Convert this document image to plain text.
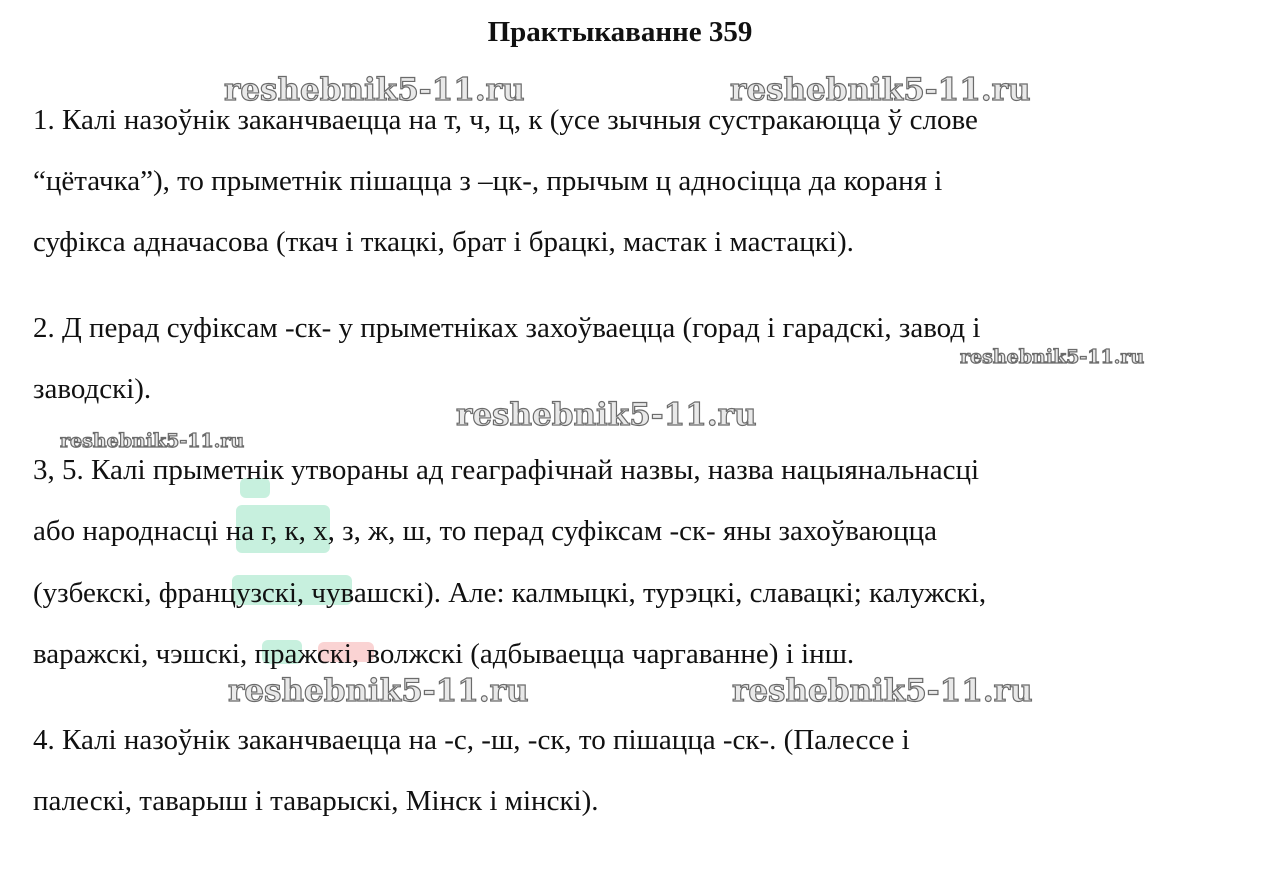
Практыкаванне 359
1. Калі назоўнік заканчваецца на т, ч, ц, к (усе зычныя сустракаюцца ў слове
“цётачка”), то прыметнік пішацца з –цк-, прычым ц адносіцца да кораня і
суфікса адначасова (ткач і ткацкі, брат і брацкі, мастак і мастацкі).
2. Д перад суфіксам -ск- у прыметніках захоўваецца (горад і гарадскі, завод і
заводскі).
3, 5. Калі прыметнік утвораны ад геаграфічнай назвы, назва нацыянальнасці
або народнасці на г, к, х, з, ж, ш, то перад суфіксам -ск- яны захоўваюцца
(узбекскі, французскі, чувашскі). Але: калмыцкі, турэцкі, славацкі; калужскі,
варажскі, чэшскі, пражскі, волжскі (адбываецца чаргаванне) і інш.
4. Калі назоўнік заканчваецца на -с, -ш, -ск, то пішацца -ск-. (Палессе і
палескі, таварыш і таварыскі, Мінск і мінскі).
reshebnik5-11.ru	reshebnik5-11.ru
reshebnik5-11.ru
reshebnik5-11.ru
reshebnik5-11.ru
reshebnik5-11.ru	reshebnik5-11.ru
